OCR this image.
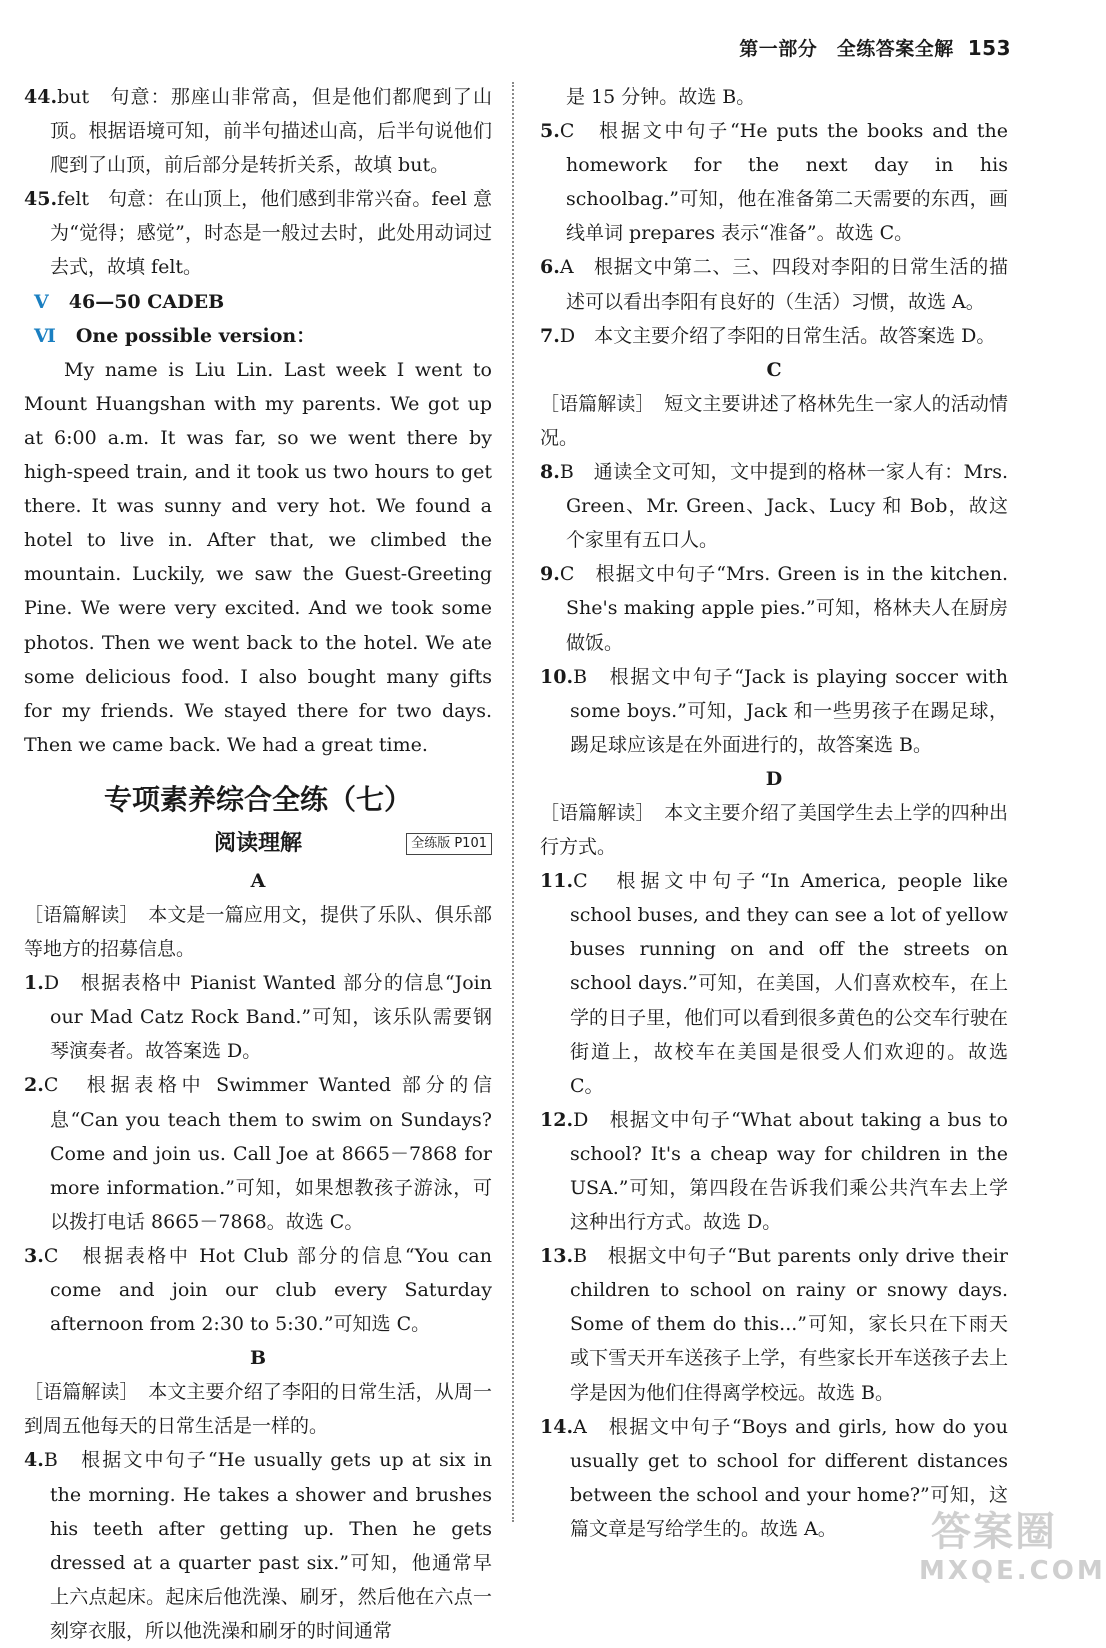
第一部分　全练答案全解 153

44.but　句意：那座山非常高，但是他们都爬到了山顶。根据语境可知，前半句描述山高，后半句说他们爬到了山顶，前后部分是转折关系，故填 but。

45.felt　句意：在山顶上，他们感到非常兴奋。feel 意为“觉得；感觉”，时态是一般过去时，此处用动词过去式，故填 felt。

Ⅴ 46—50 CADEB

Ⅵ One possible version：

My name is Liu Lin. Last week I went to Mount Huangshan with my parents. We got up at 6:00 a.m. It was far, so we went there by high-speed train, and it took us two hours to get there. It was sunny and very hot. We found a hotel to live in. After that, we climbed the mountain. Luckily, we saw the Guest-Greeting Pine. We were very excited. And we took some photos. Then we went back to the hotel. We ate some delicious food. I also bought many gifts for my friends. We stayed there for two days. Then we came back. We had a great time.

专项素养综合全练（七）
阅读理解	全练版 P101

A

［语篇解读］　本文是一篇应用文，提供了乐队、俱乐部等地方的招募信息。

1.D　根据表格中 Pianist Wanted 部分的信息“Join our Mad Catz Rock Band.”可知，该乐队需要钢琴演奏者。故答案选 D。

2.C　根据表格中 Swimmer Wanted 部分的信息“Can you teach them to swim on Sundays? Come and join us. Call Joe at 8665－7868 for more information.”可知，如果想教孩子游泳，可以拨打电话 8665－7868。故选 C。

3.C　根据表格中 Hot Club 部分的信息“You can come and join our club every Saturday afternoon from 2:30 to 5:30.”可知选 C。

B

［语篇解读］　本文主要介绍了李阳的日常生活，从周一到周五他每天的日常生活是一样的。

4.B　根据文中句子“He usually gets up at six in the morning. He takes a shower and brushes his teeth after getting up. Then he gets dressed at a quarter past six.”可知，他通常早上六点起床。起床后他洗澡、刷牙，然后他在六点一刻穿衣服，所以他洗澡和刷牙的时间通常

是 15 分钟。故选 B。

5.C　根据文中句子“He puts the books and the homework for the next day in his schoolbag.”可知，他在准备第二天需要的东西，画线单词 prepares 表示“准备”。故选 C。

6.A　根据文中第二、三、四段对李阳的日常生活的描述可以看出李阳有良好的（生活）习惯，故选 A。

7.D　本文主要介绍了李阳的日常生活。故答案选 D。

C

［语篇解读］　短文主要讲述了格林先生一家人的活动情况。

8.B　通读全文可知，文中提到的格林一家人有：Mrs. Green、Mr. Green、Jack、Lucy 和 Bob，故这个家里有五口人。

9.C　根据文中句子“Mrs. Green is in the kitchen. She's making apple pies.”可知，格林夫人在厨房做饭。

10.B　根据文中句子“Jack is playing soccer with some boys.”可知，Jack 和一些男孩子在踢足球，踢足球应该是在外面进行的，故答案选 B。

D

［语篇解读］　本文主要介绍了美国学生去上学的四种出行方式。

11.C　根据文中句子“In America, people like school buses, and they can see a lot of yellow buses running on and off the streets on school days.”可知，在美国，人们喜欢校车，在上学的日子里，他们可以看到很多黄色的公交车行驶在街道上，故校车在美国是很受人们欢迎的。故选 C。

12.D　根据文中句子“What about taking a bus to school? It's a cheap way for children in the USA.”可知，第四段在告诉我们乘公共汽车去上学这种出行方式。故选 D。

13.B　根据文中句子“But parents only drive their children to school on rainy or snowy days. Some of them do this...”可知，家长只在下雨天或下雪天开车送孩子上学，有些家长开车送孩子去上学是因为他们住得离学校远。故选 B。

14.A　根据文中句子“Boys and girls, how do you usually get to school for different distances between the school and your home?”可知，这篇文章是写给学生的。故选 A。	答案圈
MXQE.COM
